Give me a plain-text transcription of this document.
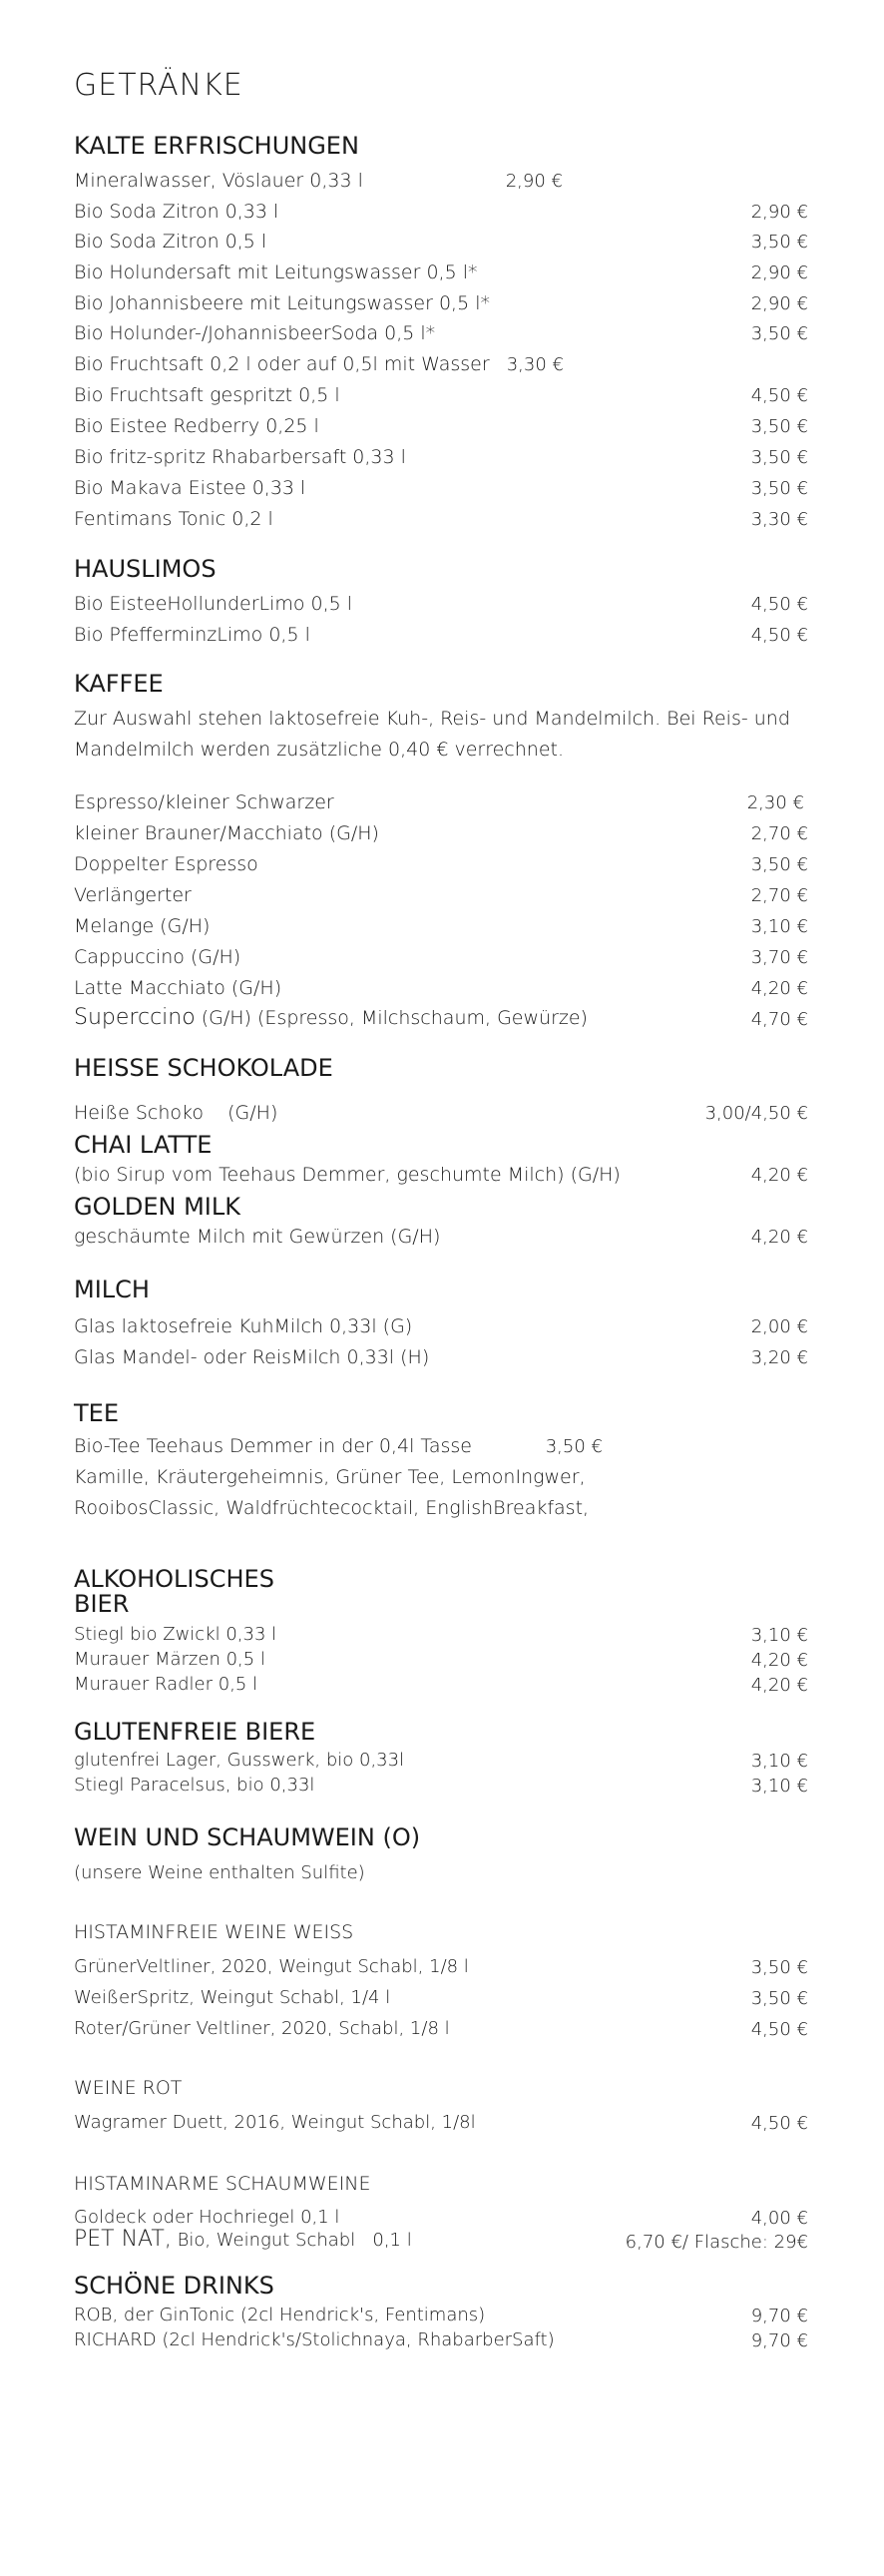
GETRÄNKE
KALTE ERFRISCHUNGEN
Mineralwasser, Vöslauer 0,33 l	2,90 €
Bio Soda Zitron 0,33 l	2,90 €
Bio Soda Zitron 0,5 l	3,50 €
Bio Holundersaft mit Leitungswasser 0,5 l*	2,90 €
Bio Johannisbeere mit Leitungswasser 0,5 l*	2,90 €
Bio Holunder-/JohannisbeerSoda 0,5 l*	3,50 €
Bio Fruchtsaft 0,2 l oder auf 0,5l mit Wasser 3,30 €
Bio Fruchtsaft gespritzt 0,5 l	4,50 €
Bio Eistee Redberry 0,25 l	3,50 €
Bio fritz-spritz Rhabarbersaft 0,33 l	3,50 €
Bio Makava Eistee 0,33 l	3,50 €
Fentimans Tonic 0,2 l	3,30 €
HAUSLIMOS
Bio EisteeHollunderLimo 0,5 l	4,50 €
Bio PfefferminzLimo 0,5 l	4,50 €
KAFFEE
Zur Auswahl stehen laktosefreie Kuh-, Reis- und Mandelmilch. Bei Reis- und Mandelmilch werden zusätzliche 0,40 € verrechnet.
Espresso/kleiner Schwarzer	2,30 €
kleiner Brauner/Macchiato (G/H)	2,70 €
Doppelter Espresso	3,50 €
Verlängerter	2,70 €
Melange (G/H)	3,10 €
Cappuccino (G/H)	3,70 €
Latte Macchiato (G/H)	4,20 €
Superccino (G/H) (Espresso, Milchschaum, Gewürze)	4,70 €
HEISSE SCHOKOLADE
Heiße Schoko    (G/H)	3,00/4,50 €
CHAI LATTE
(bio Sirup vom Teehaus Demmer, geschumte Milch) (G/H)	4,20 €
GOLDEN MILK
geschäumte Milch mit Gewürzen (G/H)	4,20 €
MILCH
Glas laktosefreie KuhMilch 0,33l (G)	2,00 €
Glas Mandel- oder ReisMilch 0,33l (H)	3,20 €
TEE
Bio-Tee Teehaus Demmer in der 0,4l Tasse	3,50 €
Kamille, Kräutergeheimnis, Grüner Tee, LemonIngwer,
RooibosClassic, Waldfrüchtecocktail, EnglishBreakfast,
ALKOHOLISCHES
BIER
Stiegl bio Zwickl 0,33 l	3,10 €
Murauer Märzen 0,5 l	4,20 €
Murauer Radler 0,5 l	4,20 €
GLUTENFREIE BIERE
glutenfrei Lager, Gusswerk, bio 0,33l	3,10 €
Stiegl Paracelsus, bio 0,33l	3,10 €
WEIN UND SCHAUMWEIN (O)
(unsere Weine enthalten Sulfite)
HISTAMINFREIE WEINE WEISS
GrünerVeltliner, 2020, Weingut Schabl, 1/8 l	3,50 €
WeißerSpritz, Weingut Schabl, 1/4 l	3,50 €
Roter/Grüner Veltliner, 2020, Schabl, 1/8 l	4,50 €
WEINE ROT
Wagramer Duett, 2016, Weingut Schabl, 1/8l	4,50 €
HISTAMINARME SCHAUMWEINE
Goldeck oder Hochriegel 0,1 l	4,00 €
PET NAT, Bio, Weingut Schabl   0,1 l	6,70 €/ Flasche: 29€
SCHÖNE DRINKS
ROB, der GinTonic (2cl Hendrick's, Fentimans)	9,70 €
RICHARD (2cl Hendrick's/Stolichnaya, RhabarberSaft)	9,70 €
